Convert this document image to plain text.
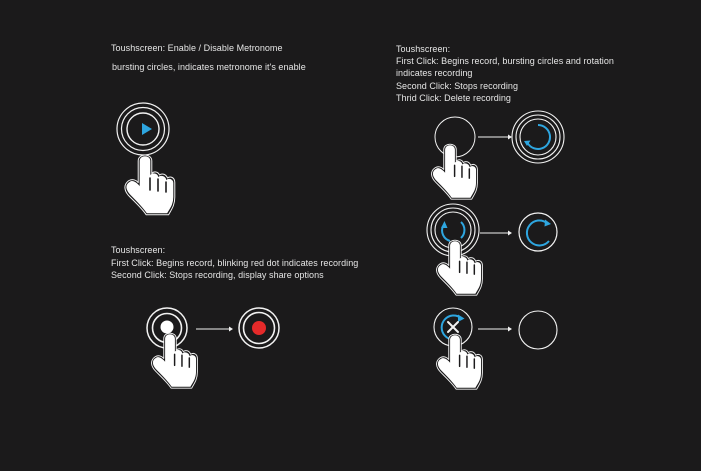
Toushscreen: Enable / Disable Metronome
bursting circles, indicates metronome it's enable
Toushscreen:
First Click: Begins record, blinking red dot indicates recording
Second Click: Stops recording, display share options
Toushscreen:
First Click: Begins record, bursting circles and rotation
indicates recording
Second Click: Stops recording
Thrid Click: Delete recording
